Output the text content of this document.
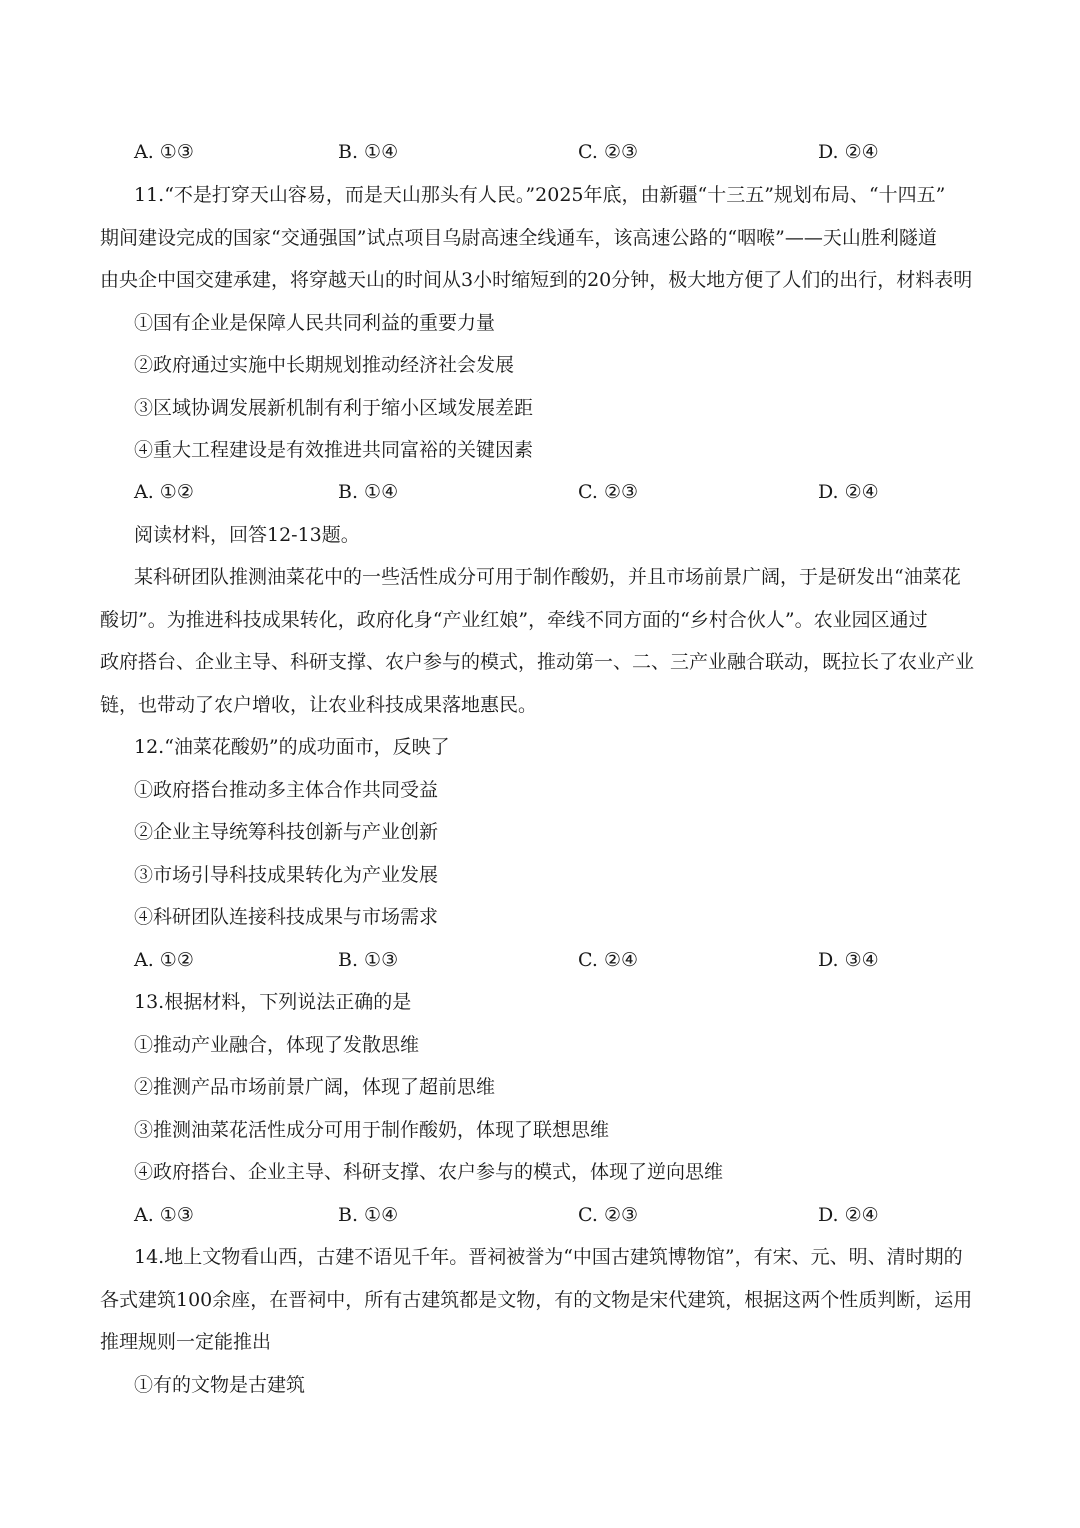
A. ①③	B. ①④	C. ②③	D. ②④
11.“不是打穿天山容易，而是天山那头有人民。”2025年底，由新疆“十三五”规划布局、“十四五”
期间建设完成的国家“交通强国”试点项目乌尉高速全线通车，该高速公路的“咽喉”——天山胜利隧道
由央企中国交建承建，将穿越天山的时间从3小时缩短到的20分钟，极大地方便了人们的出行，材料表明
①国有企业是保障人民共同利益的重要力量
②政府通过实施中长期规划推动经济社会发展
③区域协调发展新机制有利于缩小区域发展差距
④重大工程建设是有效推进共同富裕的关键因素
A. ①②	B. ①④	C. ②③	D. ②④
阅读材料，回答12-13题。
某科研团队推测油菜花中的一些活性成分可用于制作酸奶，并且市场前景广阔，于是研发出“油菜花
酸切”。为推进科技成果转化，政府化身“产业红娘”，牵线不同方面的“乡村合伙人”。农业园区通过
政府搭台、企业主导、科研支撑、农户参与的模式，推动第一、二、三产业融合联动，既拉长了农业产业
链，也带动了农户增收，让农业科技成果落地惠民。
12.“油菜花酸奶”的成功面市，反映了
①政府搭台推动多主体合作共同受益
②企业主导统筹科技创新与产业创新
③市场引导科技成果转化为产业发展
④科研团队连接科技成果与市场需求
A. ①②	B. ①③	C. ②④	D. ③④
13.根据材料，下列说法正确的是
①推动产业融合，体现了发散思维
②推测产品市场前景广阔，体现了超前思维
③推测油菜花活性成分可用于制作酸奶，体现了联想思维
④政府搭台、企业主导、科研支撑、农户参与的模式，体现了逆向思维
A. ①③	B. ①④	C. ②③	D. ②④
14.地上文物看山西，古建不语见千年。晋祠被誉为“中国古建筑博物馆”，有宋、元、明、清时期的
各式建筑100余座，在晋祠中，所有古建筑都是文物，有的文物是宋代建筑，根据这两个性质判断，运用
推理规则一定能推出
①有的文物是古建筑
